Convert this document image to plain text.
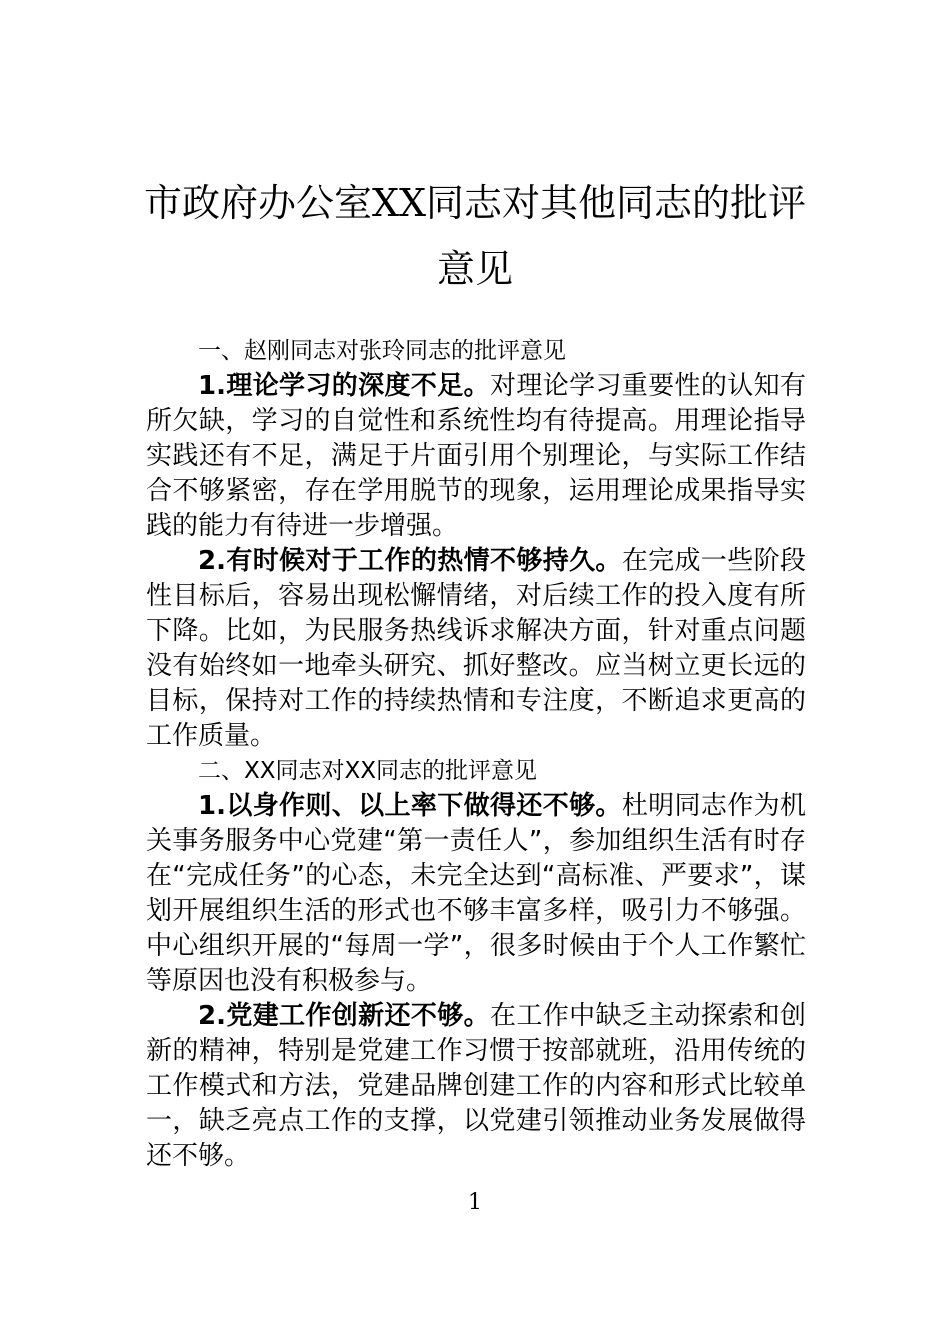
市政府办公室XX同志对其他同志的批评意见

一、赵刚同志对张玲同志的批评意见

1.理论学习的深度不足。对理论学习重要性的认知有所欠缺，学习的自觉性和系统性均有待提高。用理论指导实践还有不足，满足于片面引用个别理论，与实际工作结合不够紧密，存在学用脱节的现象，运用理论成果指导实践的能力有待进一步增强。

2.有时候对于工作的热情不够持久。在完成一些阶段性目标后，容易出现松懈情绪，对后续工作的投入度有所下降。比如，为民服务热线诉求解决方面，针对重点问题没有始终如一地牵头研究、抓好整改。应当树立更长远的目标，保持对工作的持续热情和专注度，不断追求更高的工作质量。

二、XX同志对XX同志的批评意见

1.以身作则、以上率下做得还不够。杜明同志作为机关事务服务中心党建“第一责任人”，参加组织生活有时存在“完成任务”的心态，未完全达到“高标准、严要求”，谋划开展组织生活的形式也不够丰富多样，吸引力不够强。中心组织开展的“每周一学”，很多时候由于个人工作繁忙等原因也没有积极参与。

2.党建工作创新还不够。在工作中缺乏主动探索和创新的精神，特别是党建工作习惯于按部就班，沿用传统的工作模式和方法，党建品牌创建工作的内容和形式比较单一，缺乏亮点工作的支撑，以党建引领推动业务发展做得还不够。

1
